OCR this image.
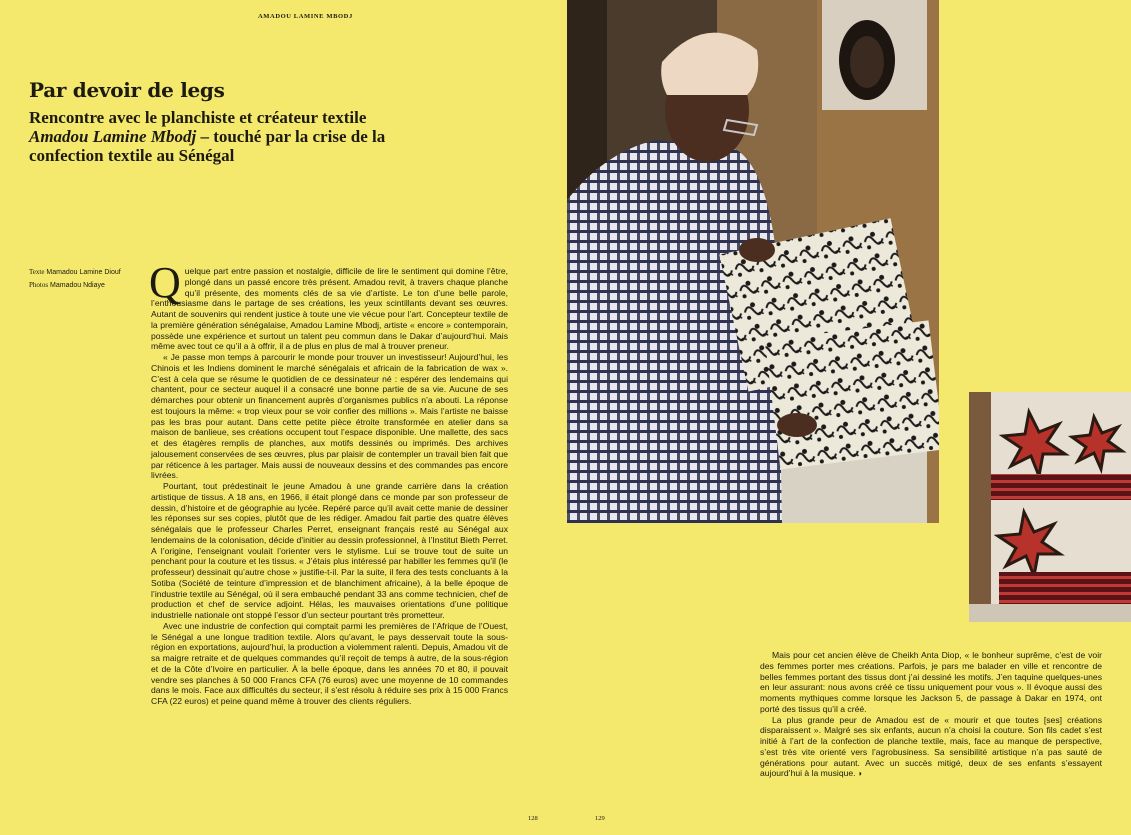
AMADOU LAMINE MBODJ
Par devoir de legs
Rencontre avec le planchiste et créateur textile Amadou Lamine Mbodj – touché par la crise de la confection textile au Sénégal
Texte Mamadou Lamine Diouf
Photos Mamadou Ndiaye	Quelque part entre passion et nostalgie, difficile de lire le sentiment qui domine l’être, plongé dans un passé encore très présent. Amadou revit, à travers chaque planche qu’il présente, des moments clés de sa vie d’artiste. Le ton d’une belle parole, l’enthousiasme dans le partage de ses créations, les yeux scintillants devant ses œuvres. Autant de souvenirs qui rendent justice à toute une vie vécue pour l’art. Concepteur textile de la première génération sénégalaise, Amadou Lamine Mbodj, artiste « encore » contemporain, possède une expérience et surtout un talent peu commun dans le Dakar d’aujourd’hui. Mais même avec tout ce qu’il a à offrir, il a de plus en plus de mal à trouver preneur.

« Je passe mon temps à parcourir le monde pour trouver un investisseur! Aujourd’hui, les Chinois et les Indiens dominent le marché sénégalais et africain de la fabrication de wax ». C’est à cela que se résume le quotidien de ce dessinateur né : espérer des lendemains qui chantent, pour ce secteur auquel il a consacré une bonne partie de sa vie. Aucune de ses démarches pour obtenir un financement auprès d’organismes publics n’a abouti. La réponse est toujours la même: « trop vieux pour se voir confier des millions ». Mais l’artiste ne baisse pas les bras pour autant. Dans cette petite pièce étroite transformée en atelier dans sa maison de banlieue, ses créations occupent tout l’espace disponible. Une mallette, des sacs et des étagères remplis de planches, aux motifs dessinés ou imprimés. Des archives jalousement conservées de ses œuvres, plus par plaisir de contempler un travail bien fait que par réticence à les partager. Mais aussi de nouveaux dessins et des commandes pas encore livrées.

Pourtant, tout prédestinait le jeune Amadou à une grande carrière dans la création artistique de tissus. A 18 ans, en 1966, il était plongé dans ce monde par son professeur de dessin, d’histoire et de géographie au lycée. Repéré parce qu’il avait cette manie de dessiner les réponses sur ses copies, plutôt que de les rédiger. Amadou fait partie des quatre élèves sénégalais que le professeur Charles Perret, enseignant français resté au Sénégal aux lendemains de la colonisation, décide d’initier au dessin professionnel, à l’Institut Bieth Perret. A l’origine, l’enseignant voulait l’orienter vers le stylisme. Lui se trouve tout de suite un penchant pour la couture et les tissus. « J’étais plus intéressé par habiller les femmes qu’il (le professeur) dessinait qu’autre chose » justifie-t-il. Par la suite, il fera des tests concluants à la Sotiba (Société de teinture d’impression et de blanchiment africaine), à la belle époque de l’industrie textile au Sénégal, où il sera embauché pendant 33 ans comme technicien, chef de production et chef de service adjoint. Hélas, les mauvaises orientations d’une politique industrielle nationale ont stoppé l’essor d’un secteur pourtant très prometteur.

Avec une industrie de confection qui comptait parmi les premières de l’Afrique de l’Ouest, le Sénégal a une longue tradition textile. Alors qu’avant, le pays desservait toute la sous-région en exportations, aujourd’hui, la production a violemment ralenti. Depuis, Amadou vit de sa maigre retraite et de quelques commandes qu’il reçoit de temps à autre, de la sous-région et de la Côte d’Ivoire en particulier. À la belle époque, dans les années 70 et 80, il pouvait vendre ses planches à 50 000 Francs CFA (76 euros) avec une moyenne de 10 commandes dans le mois. Face aux difficultés du secteur, il s’est résolu à réduire ses prix à 15 000 Francs CFA (22 euros) et peine quand même à trouver des clients réguliers.

Mais pour cet ancien élève de Cheikh Anta Diop, « le bonheur suprême, c’est de voir des femmes porter mes créations. Parfois, je pars me balader en ville et rencontre de belles femmes portant des tissus dont j’ai dessiné les motifs. J’en taquine quelques-unes en leur assurant: nous avons créé ce tissu uniquement pour vous ». Il évoque aussi des moments mythiques comme lorsque les Jackson 5, de passage à Dakar en 1974, ont porté des tissus qu’il a créé.

La plus grande peur de Amadou est de « mourir et que toutes [ses] créations disparaissent ». Malgré ses six enfants, aucun n’a choisi la couture. Son fils cadet s’est initié à l’art de la confection de planche textile, mais, face au manque de perspective, s’est très vite orienté vers l’agrobusiness. Sa sensibilité artistique n’a pas sauté de générations pour autant. Avec un succès mitigé, deux de ses enfants s’essayent aujourd’hui à la musique. ◗

128	129
